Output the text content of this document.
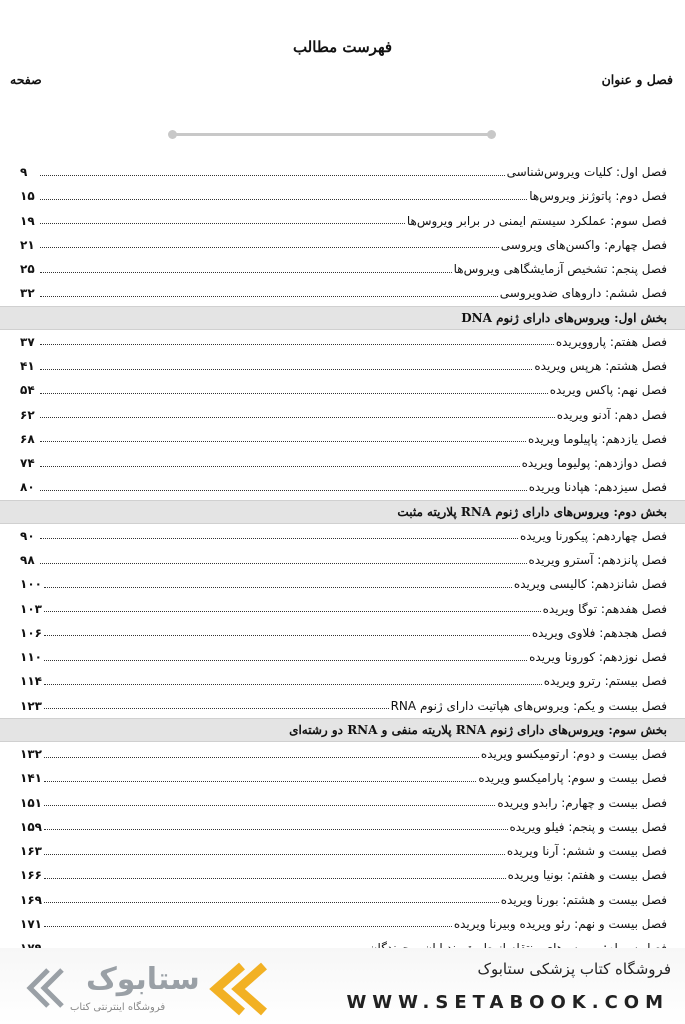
فهرست مطالب
فصل و عنوان
صفحه
فصل اول: کلیات ویروس‌شناسی
۹
فصل دوم: پاتوژنز ویروس‌ها
۱۵
فصل سوم: عملکرد سیستم ایمنی در برابر ویروس‌ها
۱۹
فصل چهارم: واکسن‌های ویروسی
۲۱
فصل پنجم: تشخیص آزمایشگاهی ویروس‌ها
۲۵
فصل ششم: داروهای ضدویروسی
۳۲
بخش اول: ویروس‌های دارای ژنوم DNA
فصل هفتم: پاروویریده
۳۷
فصل هشتم: هرپس ویریده
۴۱
فصل نهم: پاکس ویریده
۵۴
فصل دهم: آدنو ویریده
۶۲
فصل یازدهم: پاپیلوما ویریده
۶۸
فصل دوازدهم: پولیوما ویریده
۷۴
فصل سیزدهم: هپادنا ویریده
۸۰
بخش دوم: ویروس‌های دارای ژنوم RNA پلاریته مثبت
فصل چهاردهم: پیکورنا ویریده
۹۰
فصل پانزدهم: آسترو ویریده
۹۸
فصل شانزدهم: کالیسی ویریده
۱۰۰
فصل هفدهم: توگا ویریده
۱۰۳
فصل هجدهم: فلاوی ویریده
۱۰۶
فصل نوزدهم: کورونا ویریده
۱۱۰
فصل بیستم: رترو ویریده
۱۱۴
فصل بیست و یکم: ویروس‌های هپاتیت دارای ژنوم RNA
۱۲۳
بخش سوم: ویروس‌های دارای ژنوم RNA پلاریته منفی و RNA دو رشته‌ای
فصل بیست و دوم: ارتومیکسو ویریده
۱۳۲
فصل بیست و سوم: پارامیکسو ویریده
۱۴۱
فصل بیست و چهارم: رابدو ویریده
۱۵۱
فصل بیست و پنجم: فیلو ویریده
۱۵۹
فصل بیست و ششم: آرنا ویریده
۱۶۳
فصل بیست و هفتم: بونیا ویریده
۱۶۶
فصل بیست و هشتم: بورنا ویریده
۱۶۹
فصل بیست و نهم: رئو ویریده وبیرنا ویریده
۱۷۱
فروشگاه کتاب پزشکی ستابوک
WWW.SETABOOK.COM
ستابوک
فروشگاه اینترنتی کتاب
